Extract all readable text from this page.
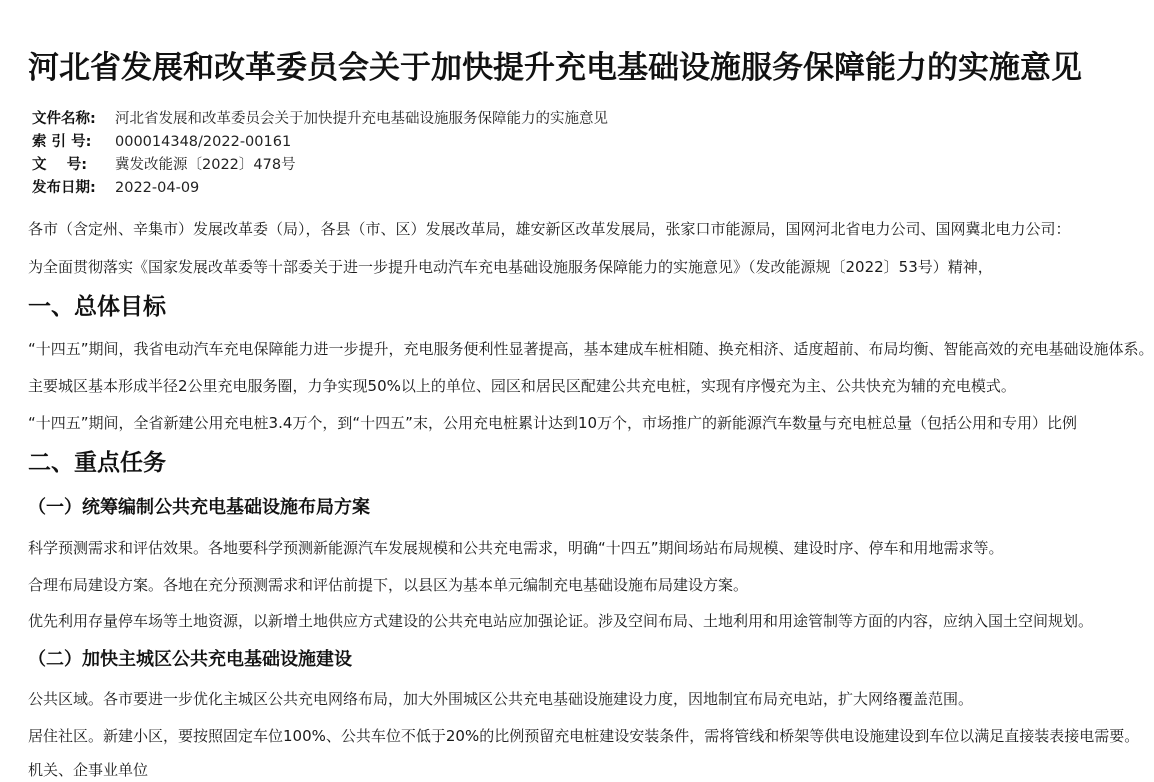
河北省发展和改革委员会关于加快提升充电基础设施服务保障能力的实施意见
文件名称:	河北省发展和改革委员会关于加快提升充电基础设施服务保障能力的实施意见
索 引 号:	000014348/2022-00161
文    号:	冀发改能源〔2022〕478号
发布日期:	2022-04-09

各市（含定州、辛集市）发展改革委（局），各县（市、区）发展改革局，雄安新区改革发展局，张家口市能源局，国网河北省电力公司、国网冀北电力公司：

为全面贯彻落实《国家发展改革委等十部委关于进一步提升电动汽车充电基础设施服务保障能力的实施意见》（发改能源规〔2022〕53号）精神，

一、总体目标

“十四五”期间，我省电动汽车充电保障能力进一步提升，充电服务便利性显著提高，基本建成车桩相随、换充相济、适度超前、布局均衡、智能高效的充电基础设施体系。

主要城区基本形成半径2公里充电服务圈，力争实现50%以上的单位、园区和居民区配建公共充电桩，实现有序慢充为主、公共快充为辅的充电模式。

“十四五”期间，全省新建公用充电桩3.4万个，到“十四五”末，公用充电桩累计达到10万个，市场推广的新能源汽车数量与充电桩总量（包括公用和专用）比例

二、重点任务
（一）统筹编制公共充电基础设施布局方案

科学预测需求和评估效果。各地要科学预测新能源汽车发展规模和公共充电需求，明确“十四五”期间场站布局规模、建设时序、停车和用地需求等。

合理布局建设方案。各地在充分预测需求和评估前提下，以县区为基本单元编制充电基础设施布局建设方案。

优先利用存量停车场等土地资源，以新增土地供应方式建设的公共充电站应加强论证。涉及空间布局、土地利用和用途管制等方面的内容，应纳入国土空间规划。

（二）加快主城区公共充电基础设施建设

公共区域。各市要进一步优化主城区公共充电网络布局，加大外围城区公共充电基础设施建设力度，因地制宜布局充电站，扩大网络覆盖范围。

居住社区。新建小区，要按照固定车位100%、公共车位不低于20%的比例预留充电桩建设安装条件，需将管线和桥架等供电设施建设到车位以满足直接装表接电需要。

机关、企事业单位
